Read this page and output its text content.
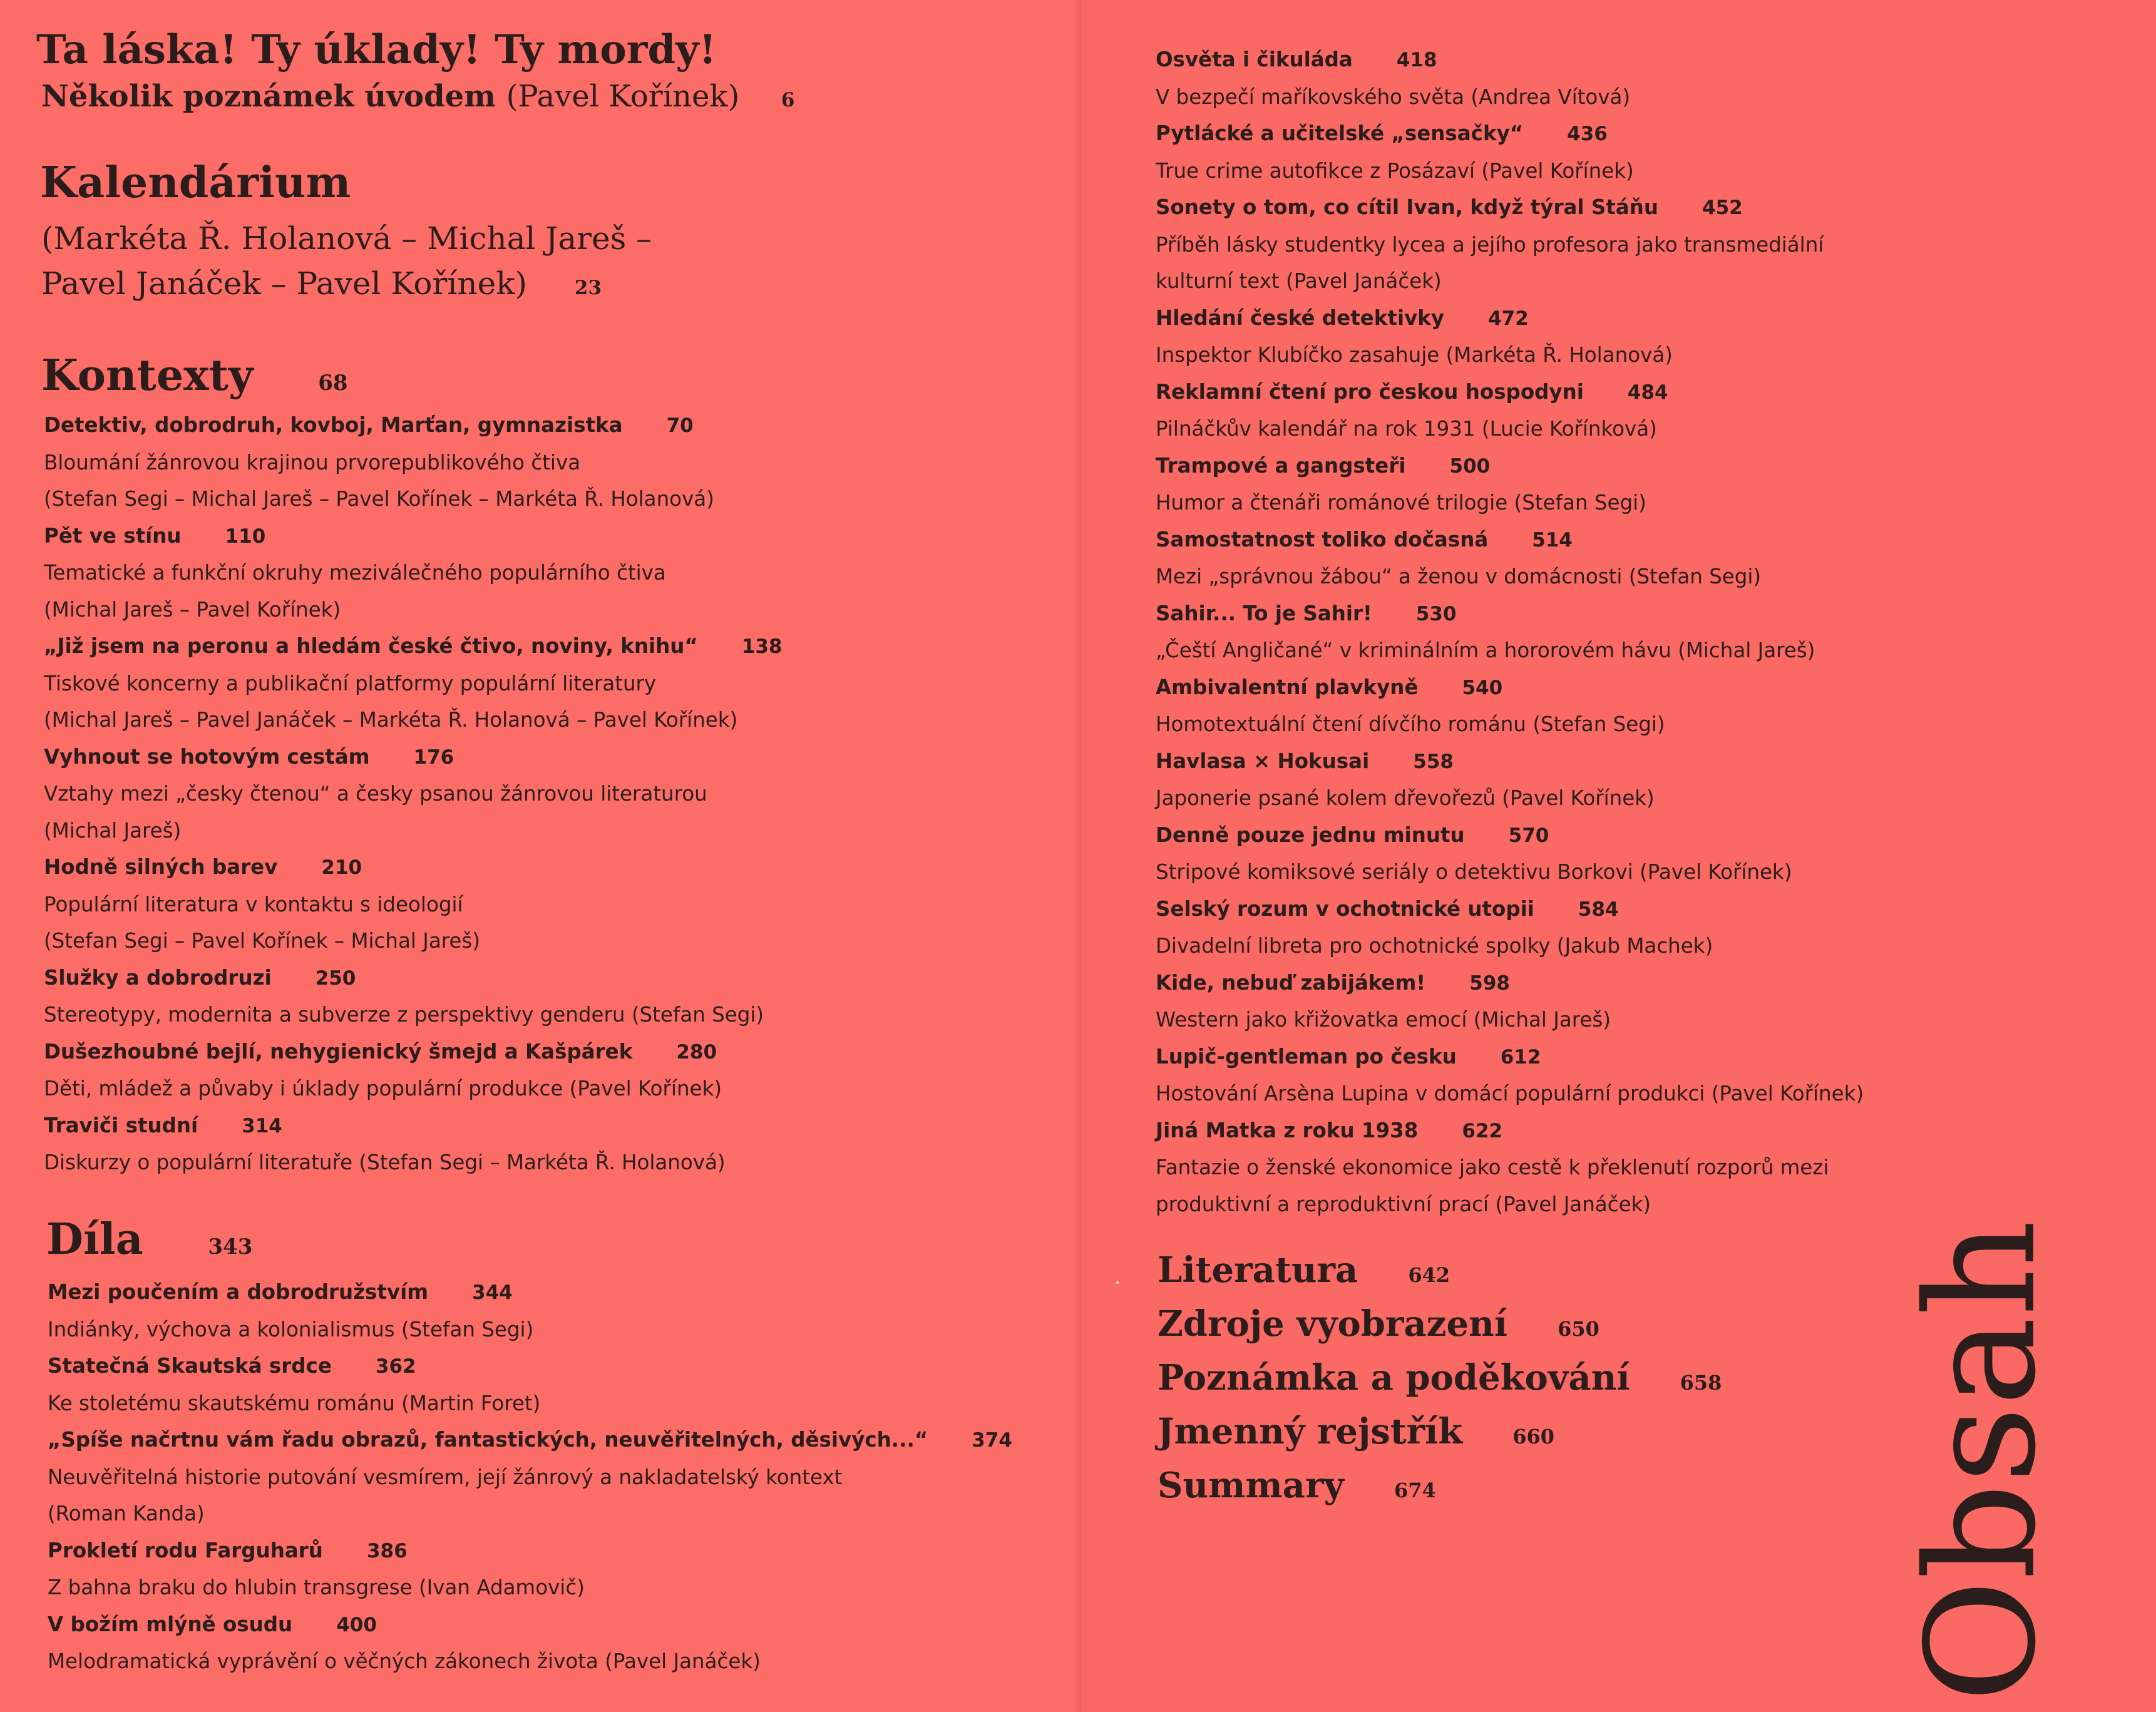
Ta láska! Ty úklady! Ty mordy!
Několik poznámek úvodem (Pavel Kořínek) 6
Kalendárium
(Markéta Ř. Holanová – Michal Jareš –
Pavel Janáček – Pavel Kořínek) 23
Kontexty	68
Detektiv, dobrodruh, kovboj, Marťan, gymnazistka 70
Bloumání žánrovou krajinou prvorepublikového čtiva
(Stefan Segi – Michal Jareš – Pavel Kořínek – Markéta Ř. Holanová)
Pět ve stínu 110
Tematické a funkční okruhy meziválečného populárního čtiva
(Michal Jareš – Pavel Kořínek)
„Již jsem na peronu a hledám české čtivo, noviny, knihu“ 138
Tiskové koncerny a publikační platformy populární literatury
(Michal Jareš – Pavel Janáček – Markéta Ř. Holanová – Pavel Kořínek)
Vyhnout se hotovým cestám 176
Vztahy mezi „česky čtenou“ a česky psanou žánrovou literaturou
(Michal Jareš)
Hodně silných barev 210
Populární literatura v kontaktu s ideologií
(Stefan Segi – Pavel Kořínek – Michal Jareš)
Služky a dobrodruzi 250
Stereotypy, modernita a subverze z perspektivy genderu (Stefan Segi)
Dušezhoubné bejlí, nehygienický šmejd a Kašpárek 280
Děti, mládež a půvaby i úklady populární produkce (Pavel Kořínek)
Traviči studní 314
Diskurzy o populární literatuře (Stefan Segi – Markéta Ř. Holanová)
Díla	343
Mezi poučením a dobrodružstvím 344
Indiánky, výchova a kolonialismus (Stefan Segi)
Statečná Skautská srdce 362
Ke stoletému skautskému románu (Martin Foret)
„Spíše načrtnu vám řadu obrazů, fantastických, neuvěřitelných, děsivých...“ 374
Neuvěřitelná historie putování vesmírem, její žánrový a nakladatelský kontext
(Roman Kanda)
Prokletí rodu Farguharů 386
Z bahna braku do hlubin transgrese (Ivan Adamovič)
V božím mlýně osudu 400
Melodramatická vyprávění o věčných zákonech života (Pavel Janáček)
Osvěta i čikuláda 418
V bezpečí maříkovského světa (Andrea Vítová)
Pytlácké a učitelské „sensačky“ 436
True crime autofikce z Posázaví (Pavel Kořínek)
Sonety o tom, co cítil Ivan, když týral Stáňu 452
Příběh lásky studentky lycea a jejího profesora jako transmediální
kulturní text (Pavel Janáček)
Hledání české detektivky 472
Inspektor Klubíčko zasahuje (Markéta Ř. Holanová)
Reklamní čtení pro českou hospodyni 484
Pilnáčkův kalendář na rok 1931 (Lucie Kořínková)
Trampové a gangsteři 500
Humor a čtenáři románové trilogie (Stefan Segi)
Samostatnost toliko dočasná 514
Mezi „správnou žábou“ a ženou v domácnosti (Stefan Segi)
Sahir... To je Sahir! 530
„Čeští Angličané“ v kriminálním a hororovém hávu (Michal Jareš)
Ambivalentní plavkyně 540
Homotextuální čtení dívčího románu (Stefan Segi)
Havlasa × Hokusai 558
Japonerie psané kolem dřevořezů (Pavel Kořínek)
Denně pouze jednu minutu 570
Stripové komiksové seriály o detektivu Borkovi (Pavel Kořínek)
Selský rozum v ochotnické utopii 584
Divadelní libreta pro ochotnické spolky (Jakub Machek)
Kide, nebuď zabijákem! 598
Western jako křižovatka emocí (Michal Jareš)
Lupič-gentleman po česku 612
Hostování Arsèna Lupina v domácí populární produkci (Pavel Kořínek)
Jiná Matka z roku 1938 622
Fantazie o ženské ekonomice jako cestě k překlenutí rozporů mezi
produktivní a reproduktivní prací (Pavel Janáček)
Literatura	642
Zdroje vyobrazení	650
Poznámka a poděkování	658
Jmenný rejstřík	660
Summary	674
	Obsah
